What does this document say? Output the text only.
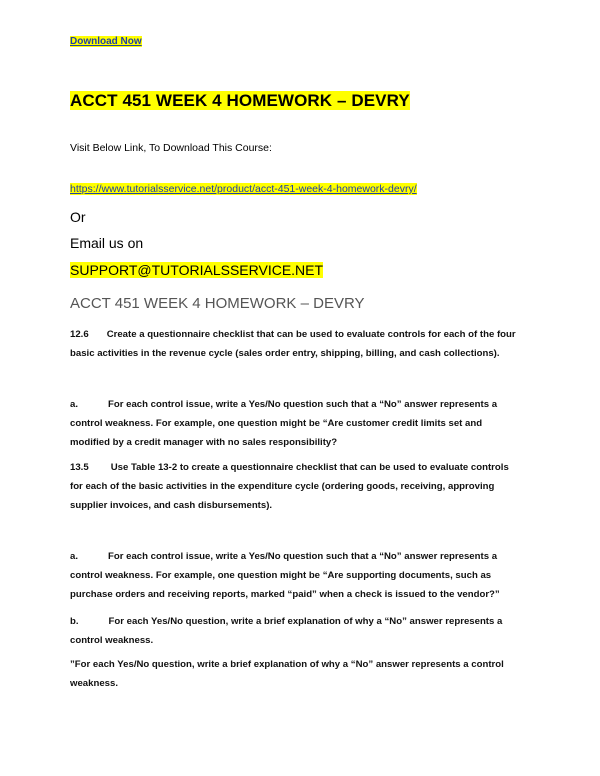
Download Now
ACCT 451 WEEK 4 HOMEWORK – DEVRY
Visit Below Link, To Download This Course:
https://www.tutorialsservice.net/product/acct-451-week-4-homework-devry/
Or
Email us on
SUPPORT@TUTORIALSSERVICE.NET
ACCT 451 WEEK 4 HOMEWORK – DEVRY
12.6 Create a questionnaire checklist that can be used to evaluate controls for each of the four
basic activities in the revenue cycle (sales order entry, shipping, billing, and cash collections).
a.	For each control issue, write a Yes/No question such that a “No” answer represents a
control weakness. For example, one question might be “Are customer credit limits set and
modified by a credit manager with no sales responsibility?
13.5 Use Table 13-2 to create a questionnaire checklist that can be used to evaluate controls
for each of the basic activities in the expenditure cycle (ordering goods, receiving, approving
supplier invoices, and cash disbursements).
a.	For each control issue, write a Yes/No question such that a “No” answer represents a
control weakness. For example, one question might be “Are supporting documents, such as
purchase orders and receiving reports, marked “paid” when a check is issued to the vendor?”
b.	For each Yes/No question, write a brief explanation of why a “No” answer represents a
control weakness.
”For each Yes/No question, write a brief explanation of why a “No” answer represents a control
weakness.
